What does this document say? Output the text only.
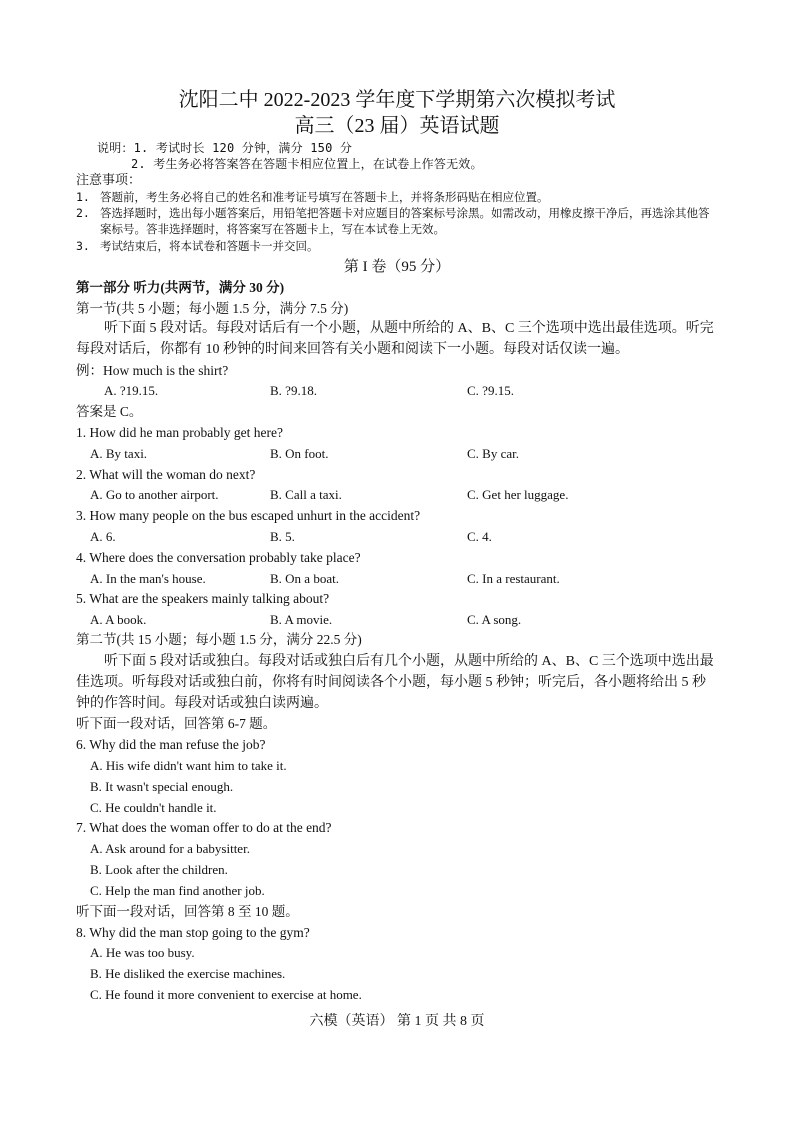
沈阳二中 2022-2023 学年度下学期第六次模拟考试
高三（23 届）英语试题
说明：1. 考试时长 120 分钟，满分 150 分
2. 考生务必将答案答在答题卡相应位置上，在试卷上作答无效。
注意事项：
1. 答题前，考生务必将自己的姓名和准考证号填写在答题卡上，并将条形码贴在相应位置。
2. 答选择题时，选出每小题答案后，用铅笔把答题卡对应题目的答案标号涂黑。如需改动，用橡皮擦干净后，再选涂其他答案标号。答非选择题时，将答案写在答题卡上，写在本试卷上无效。
3. 考试结束后，将本试卷和答题卡一并交回。
第 I 卷（95 分）
第一部分 听力(共两节，满分 30 分)
第一节(共 5 小题；每小题 1.5 分，满分 7.5 分)
听下面 5 段对话。每段对话后有一个小题，从题中所给的 A、B、C 三个选项中选出最佳选项。听完每段对话后，你都有 10 秒钟的时间来回答有关小题和阅读下一小题。每段对话仅读一遍。
例：How much is the shirt?
A. ?19.15.	B. ?9.18.	C. ?9.15.
答案是 C。
1. How did he man probably get here?
A. By taxi.	B. On foot.	C. By car.
2. What will the woman do next?
A. Go to another airport.	B. Call a taxi.	C. Get her luggage.
3. How many people on the bus escaped unhurt in the accident?
A. 6.	B. 5.	C. 4.
4. Where does the conversation probably take place?
A. In the man's house.	B. On a boat.	C. In a restaurant.
5. What are the speakers mainly talking about?
A. A book.	B. A movie.	C. A song.
第二节(共 15 小题；每小题 1.5 分，满分 22.5 分)
听下面 5 段对话或独白。每段对话或独白后有几个小题，从题中所给的 A、B、C 三个选项中选出最佳选项。听每段对话或独白前，你将有时间阅读各个小题，每小题 5 秒钟；听完后，各小题将给出 5 秒钟的作答时间。每段对话或独白读两遍。
听下面一段对话，回答第 6-7 题。
6. Why did the man refuse the job?
A. His wife didn't want him to take it.
B. It wasn't special enough.
C. He couldn't handle it.
7. What does the woman offer to do at the end?
A. Ask around for a babysitter.
B. Look after the children.
C. Help the man find another job.
听下面一段对话，回答第 8 至 10 题。
8. Why did the man stop going to the gym?
A. He was too busy.
B. He disliked the exercise machines.
C. He found it more convenient to exercise at home.
六模（英语） 第 1 页 共 8 页
